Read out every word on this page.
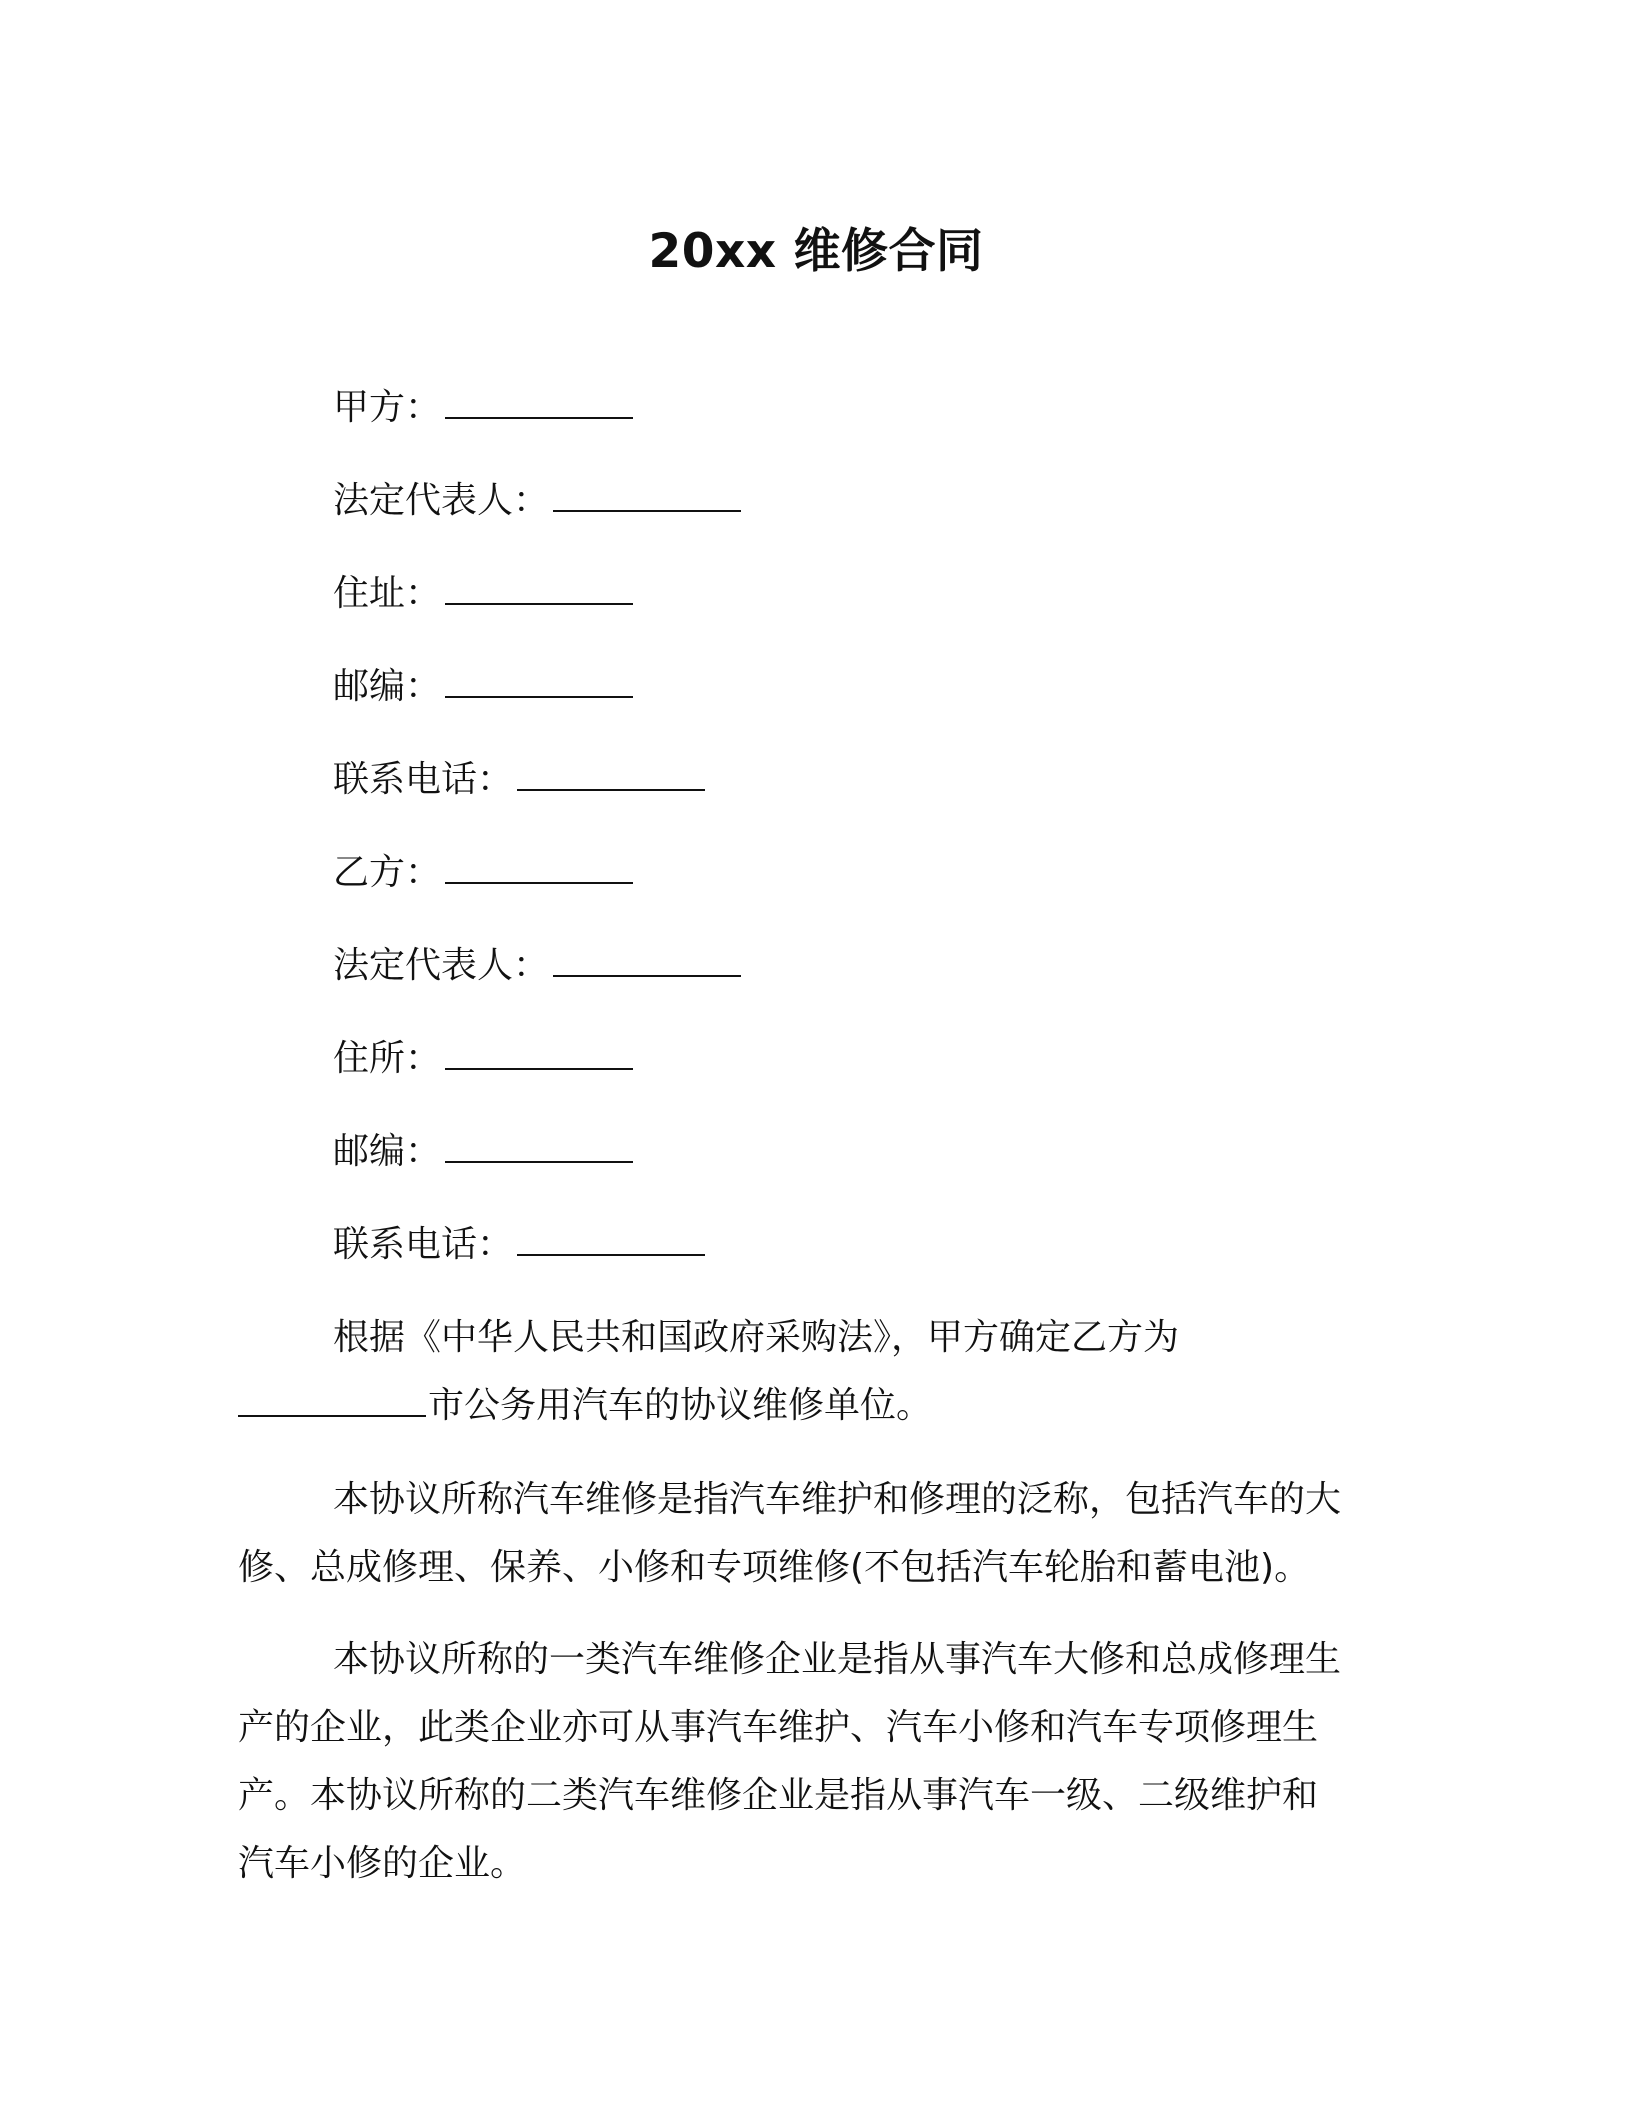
20xx 维修合同
甲方：
法定代表人：
住址：
邮编：
联系电话：
乙方：
法定代表人：
住所：
邮编：
联系电话：
根据《中华人民共和国政府采购法》，甲方确定乙方为
市公务用汽车的协议维修单位。
本协议所称汽车维修是指汽车维护和修理的泛称，包括汽车的大
修、总成修理、保养、小修和专项维修(不包括汽车轮胎和蓄电池)。
本协议所称的一类汽车维修企业是指从事汽车大修和总成修理生
产的企业，此类企业亦可从事汽车维护、汽车小修和汽车专项修理生
产。本协议所称的二类汽车维修企业是指从事汽车一级、二级维护和
汽车小修的企业。
